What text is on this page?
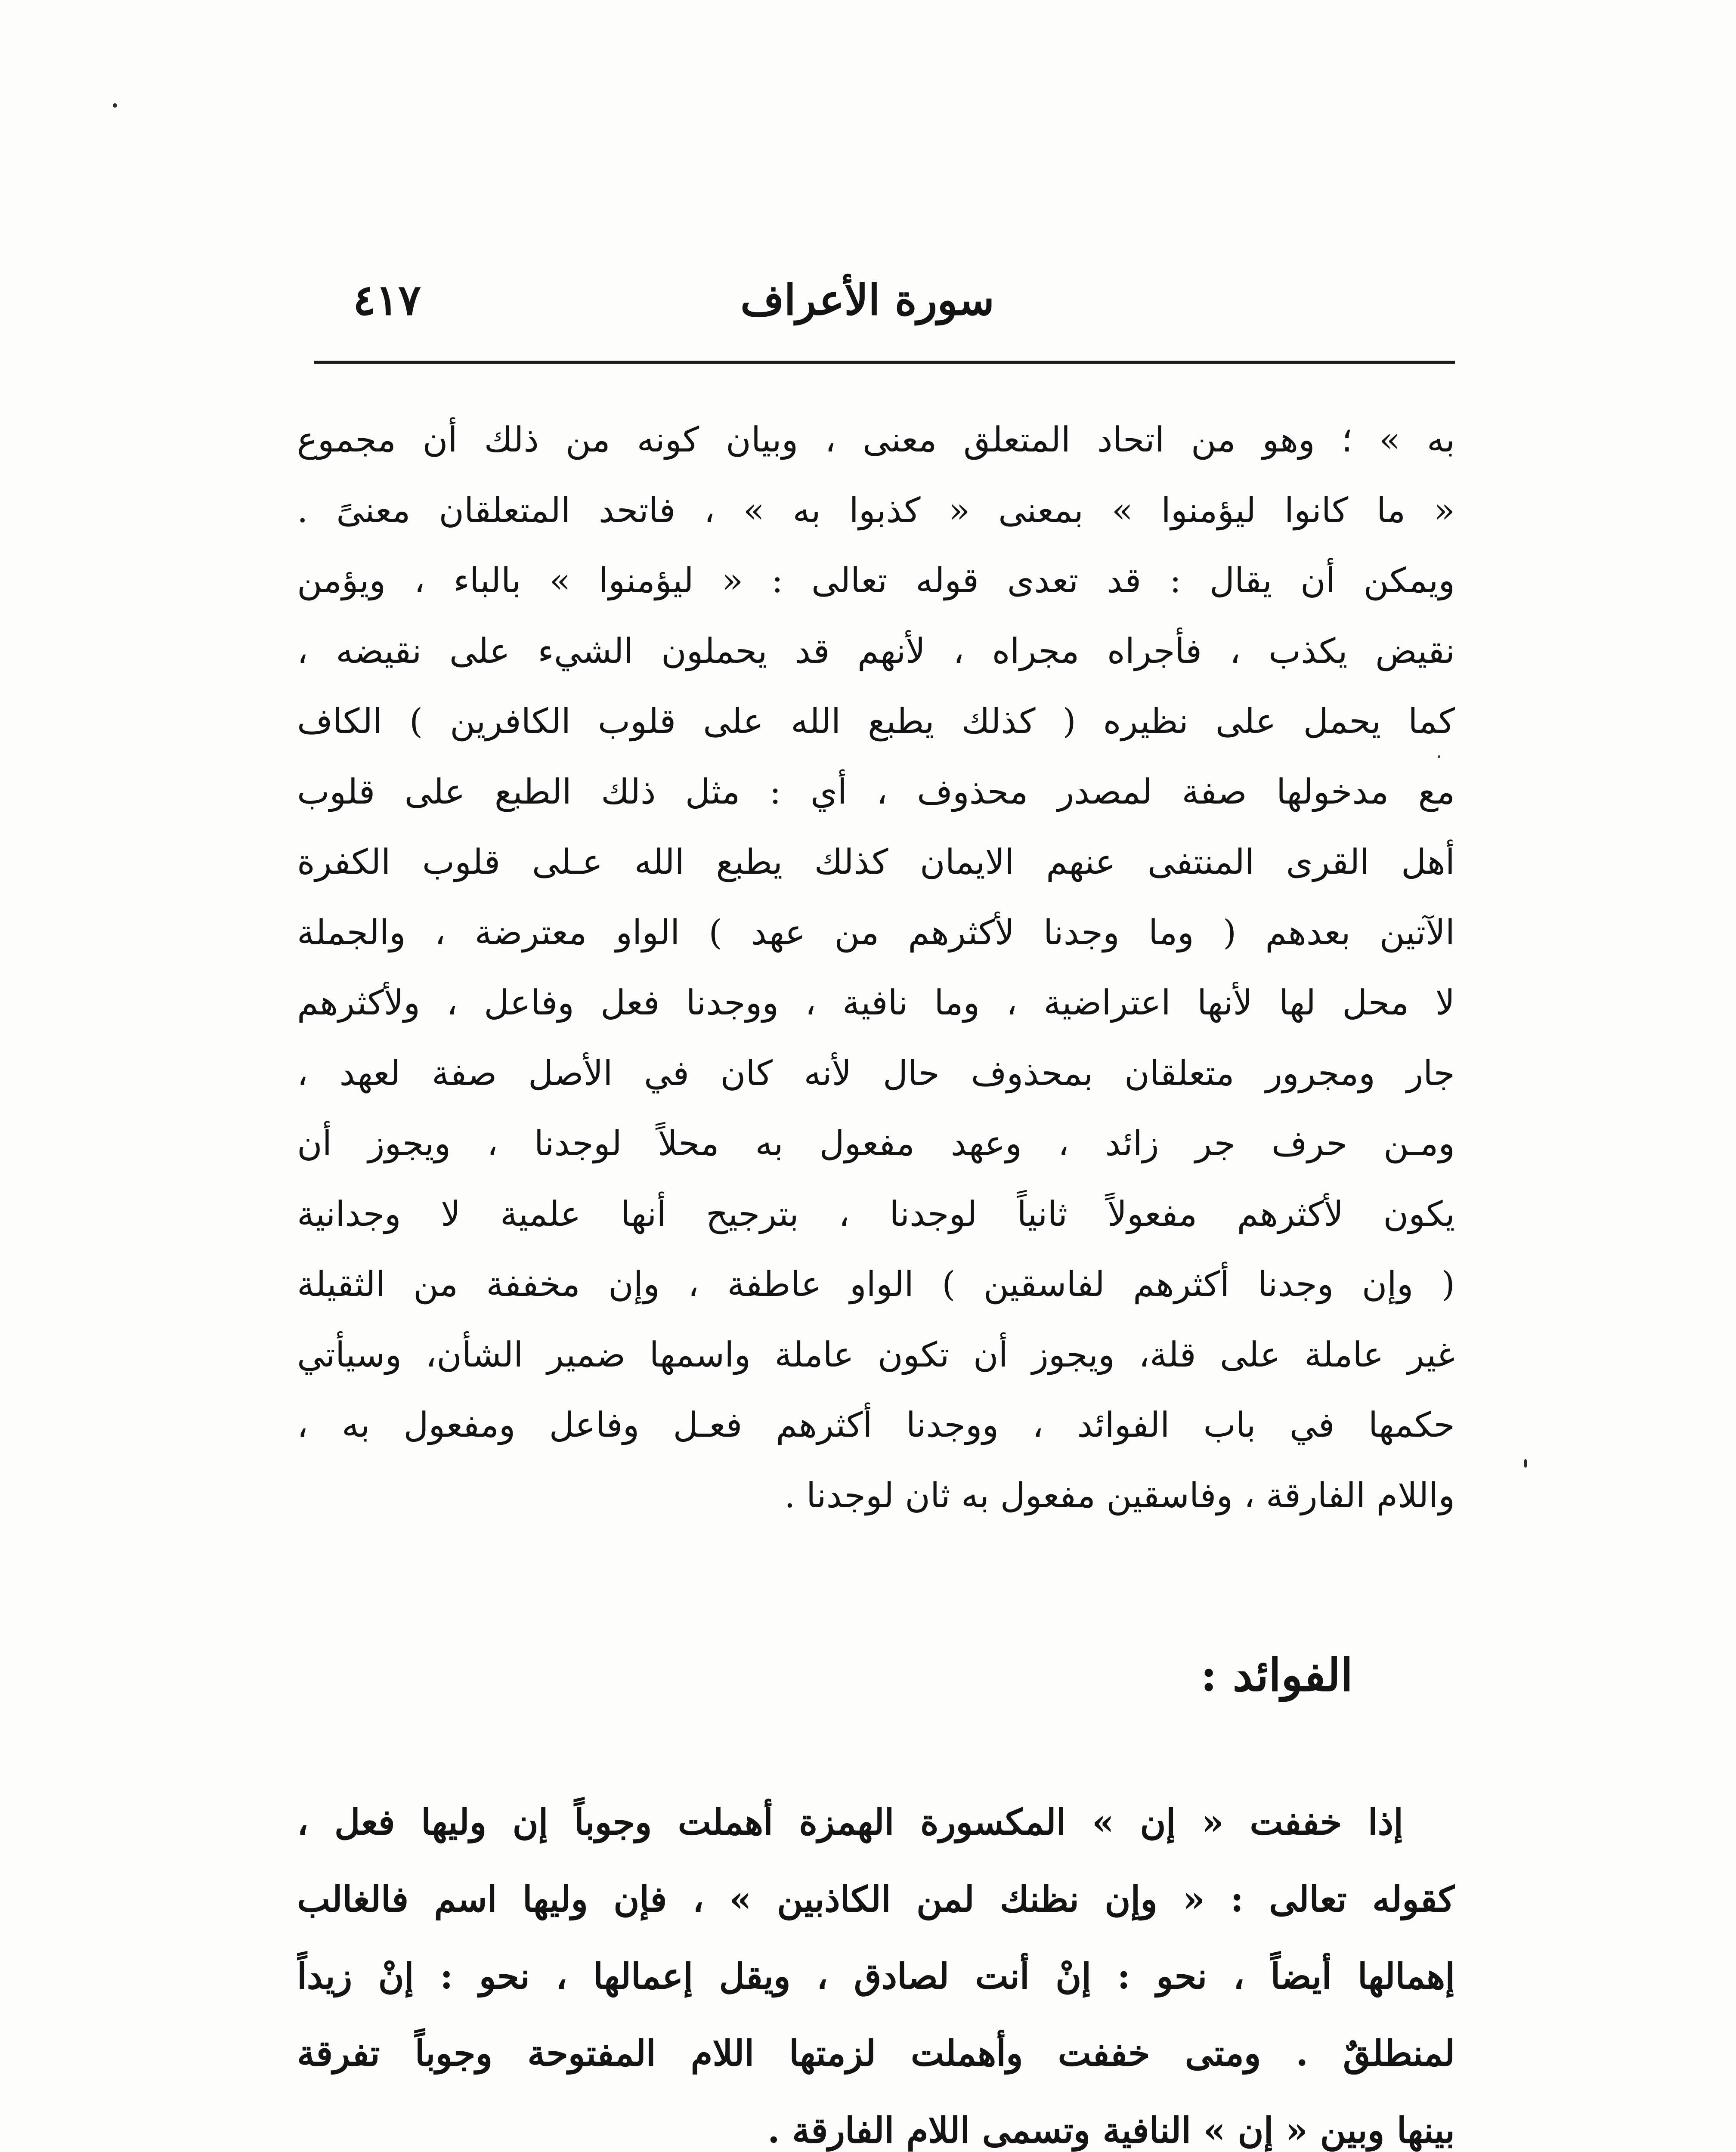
سورة الأعراف
٤١٧
به » ؛ وهو من اتحاد المتعلق معنى ، وبيان كونه من ذلك أن مجموع
« ما كانوا ليؤمنوا » بمعنى « كذبوا به » ، فاتحد المتعلقان معنىً .
ويمكن أن يقال : قد تعدى قوله تعالى : « ليؤمنوا » بالباء ، ويؤمن
نقيض يكذب ، فأجراه مجراه ، لأنهم قد يحملون الشيء على نقيضه ،
كما يحمل على نظيره ( كذلك يطبع الله على قلوب الكافرين ) الكاف
مع مدخولها صفة لمصدر محذوف ، أي : مثل ذلك الطبع على قلوب
أهل القرى المنتفى عنهم الايمان كذلك يطبع الله عـلى قلوب الكفرة
الآتين بعدهم ( وما وجدنا لأكثرهم من عهد ) الواو معترضة ، والجملة
لا محل لها لأنها اعتراضية ، وما نافية ، ووجدنا فعل وفاعل ، ولأكثرهم
جار ومجرور متعلقان بمحذوف حال لأنه كان في الأصل صفة لعهد ،
ومـن حرف جر زائد ، وعهد مفعول به محلاً لوجدنا ، ويجوز أن
يكون لأكثرهم مفعولاً ثانياً لوجدنا ، بترجيح أنها علمية لا وجدانية
( وإن وجدنا أكثرهم لفاسقين ) الواو عاطفة ، وإن مخففة من الثقيلة
غير عاملة على قلة، ويجوز أن تكون عاملة واسمها ضمير الشأن، وسيأتي
حكمها في باب الفوائد ، ووجدنا أكثرهم فعـل وفاعل ومفعول به ،
واللام الفارقة ، وفاسقين مفعول به ثان لوجدنا .
الفوائد :
إذا خففت « إن » المكسورة الهمزة أهملت وجوباً إن وليها فعل ،
كقوله تعالى : « وإن نظنك لمن الكاذبين » ، فإن وليها اسم فالغالب
إهمالها أيضاً ، نحو : إنْ أنت لصادق ، ويقل إعمالها ، نحو : إنْ زيداً
لمنطلقٌ . ومتى خففت وأهملت لزمتها اللام المفتوحة وجوباً تفرقة
بينها وبين « إن » النافية وتسمى اللام الفارقة .
